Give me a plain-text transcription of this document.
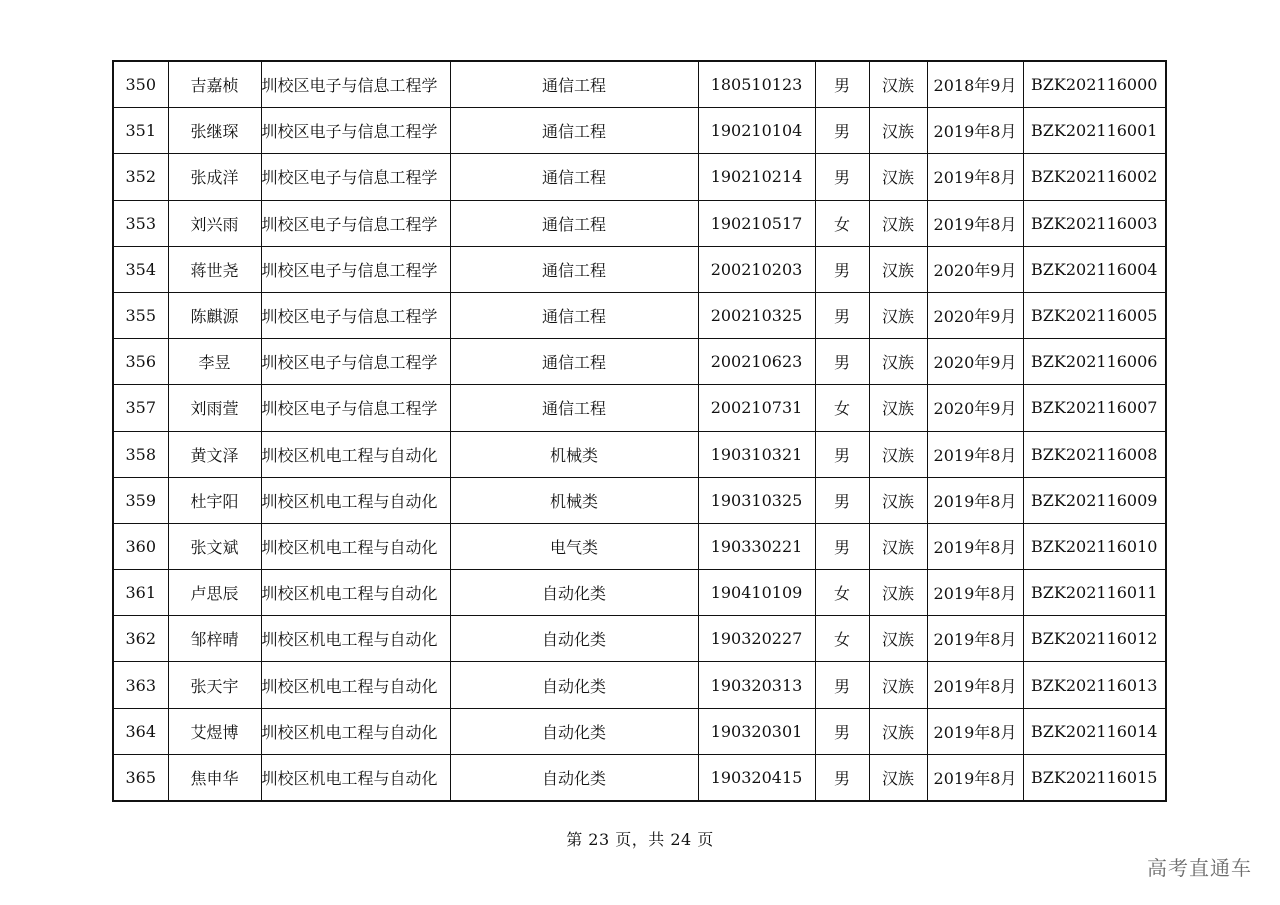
350	吉嘉桢	圳校区电子与信息工程学	通信工程	180510123	男	汉族	2018年9月	BZK202116000
351	张继琛	圳校区电子与信息工程学	通信工程	190210104	男	汉族	2019年8月	BZK202116001
352	张成洋	圳校区电子与信息工程学	通信工程	190210214	男	汉族	2019年8月	BZK202116002
353	刘兴雨	圳校区电子与信息工程学	通信工程	190210517	女	汉族	2019年8月	BZK202116003
354	蒋世尧	圳校区电子与信息工程学	通信工程	200210203	男	汉族	2020年9月	BZK202116004
355	陈麒源	圳校区电子与信息工程学	通信工程	200210325	男	汉族	2020年9月	BZK202116005
356	李昱	圳校区电子与信息工程学	通信工程	200210623	男	汉族	2020年9月	BZK202116006
357	刘雨萱	圳校区电子与信息工程学	通信工程	200210731	女	汉族	2020年9月	BZK202116007
358	黄文泽	圳校区机电工程与自动化	机械类	190310321	男	汉族	2019年8月	BZK202116008
359	杜宇阳	圳校区机电工程与自动化	机械类	190310325	男	汉族	2019年8月	BZK202116009
360	张文斌	圳校区机电工程与自动化	电气类	190330221	男	汉族	2019年8月	BZK202116010
361	卢思辰	圳校区机电工程与自动化	自动化类	190410109	女	汉族	2019年8月	BZK202116011
362	邹梓晴	圳校区机电工程与自动化	自动化类	190320227	女	汉族	2019年8月	BZK202116012
363	张天宇	圳校区机电工程与自动化	自动化类	190320313	男	汉族	2019年8月	BZK202116013
364	艾煜博	圳校区机电工程与自动化	自动化类	190320301	男	汉族	2019年8月	BZK202116014
365	焦申华	圳校区机电工程与自动化	自动化类	190320415	男	汉族	2019年8月	BZK202116015
第 23 页，共 24 页
高考直通车
